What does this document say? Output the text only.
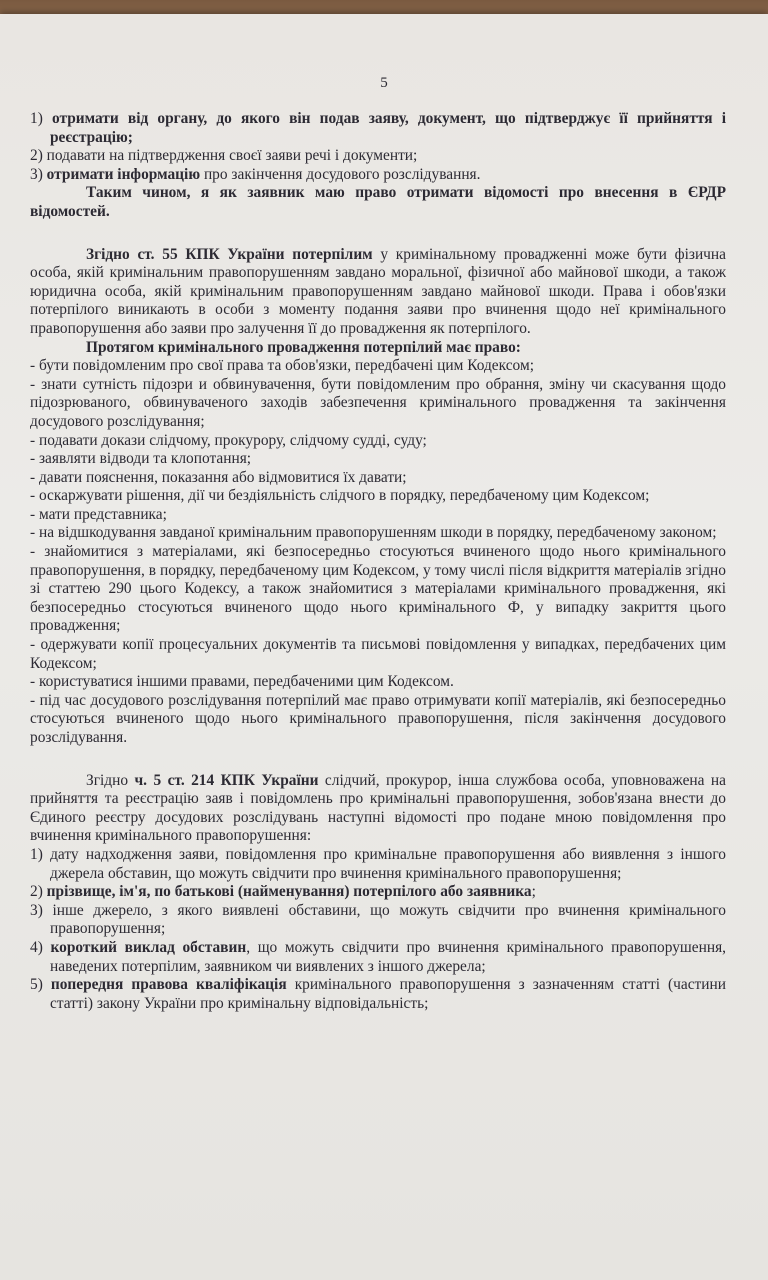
5

1) отримати від органу, до якого він подав заяву, документ, що підтверджує її прийняття і реєстрацію;

2) подавати на підтвердження своєї заяви речі і документи;

3) отримати інформацію про закінчення досудового розслідування.

Таким чином, я як заявник маю право отримати відомості про внесення в ЄРДР відомостей.

Згідно ст. 55 КПК України потерпілим у кримінальному провадженні може бути фізична особа, якій кримінальним правопорушенням завдано моральної, фізичної або майнової шкоди, а також юридична особа, якій кримінальним правопорушенням завдано майнової шкоди. Права і обов'язки потерпілого виникають в особи з моменту подання заяви про вчинення щодо неї кримінального правопорушення або заяви про залучення її до провадження як потерпілого.

Протягом кримінального провадження потерпілий має право:

- бути повідомленим про свої права та обов'язки, передбачені цим Кодексом;

- знати сутність підозри и обвинувачення, бути повідомленим про обрання, зміну чи скасування щодо підозрюваного, обвинуваченого заходів забезпечення кримінального провадження та закінчення досудового розслідування;

- подавати докази слідчому, прокурору, слідчому судді, суду;

- заявляти відводи та клопотання;

- давати пояснення, показання або відмовитися їх давати;

- оскаржувати рішення, дії чи бездіяльність слідчого в порядку, передбаченому цим Кодексом;

- мати представника;

- на відшкодування завданої кримінальним правопорушенням шкоди в порядку, передбаченому законом;

- знайомитися з матеріалами, які безпосередньо стосуються вчиненого щодо нього кримінального правопорушення, в порядку, передбаченому цим Кодексом, у тому числі після відкриття матеріалів згідно зі статтею 290 цього Кодексу, а також знайомитися з матеріалами кримінального провадження, які безпосередньо стосуються вчиненого щодо нього кримінального Ф, у випадку закриття цього провадження;

- одержувати копії процесуальних документів та письмові повідомлення у випадках, передбачених цим Кодексом;

- користуватися іншими правами, передбаченими цим Кодексом.

- під час досудового розслідування потерпілий має право отримувати копії матеріалів, які безпосередньо стосуються вчиненого щодо нього кримінального правопорушення, після закінчення досудового розслідування.

Згідно ч. 5 ст. 214 КПК України слідчий, прокурор, інша службова особа, уповноважена на прийняття та реєстрацію заяв і повідомлень про кримінальні правопорушення, зобов'язана внести до Єдиного реєстру досудових розслідувань наступні відомості про подане мною повідомлення про вчинення кримінального правопорушення:

1) дату надходження заяви, повідомлення про кримінальне правопорушення або виявлення з іншого джерела обставин, що можуть свідчити про вчинення кримінального правопорушення;

2) прізвище, ім'я, по батькові (найменування) потерпілого або заявника;

3) інше джерело, з якого виявлені обставини, що можуть свідчити про вчинення кримінального правопорушення;

4) короткий виклад обставин, що можуть свідчити про вчинення кримінального правопорушення, наведених потерпілим, заявником чи виявлених з іншого джерела;

5) попередня правова кваліфікація кримінального правопорушення з зазначенням статті (частини статті) закону України про кримінальну відповідальність;
